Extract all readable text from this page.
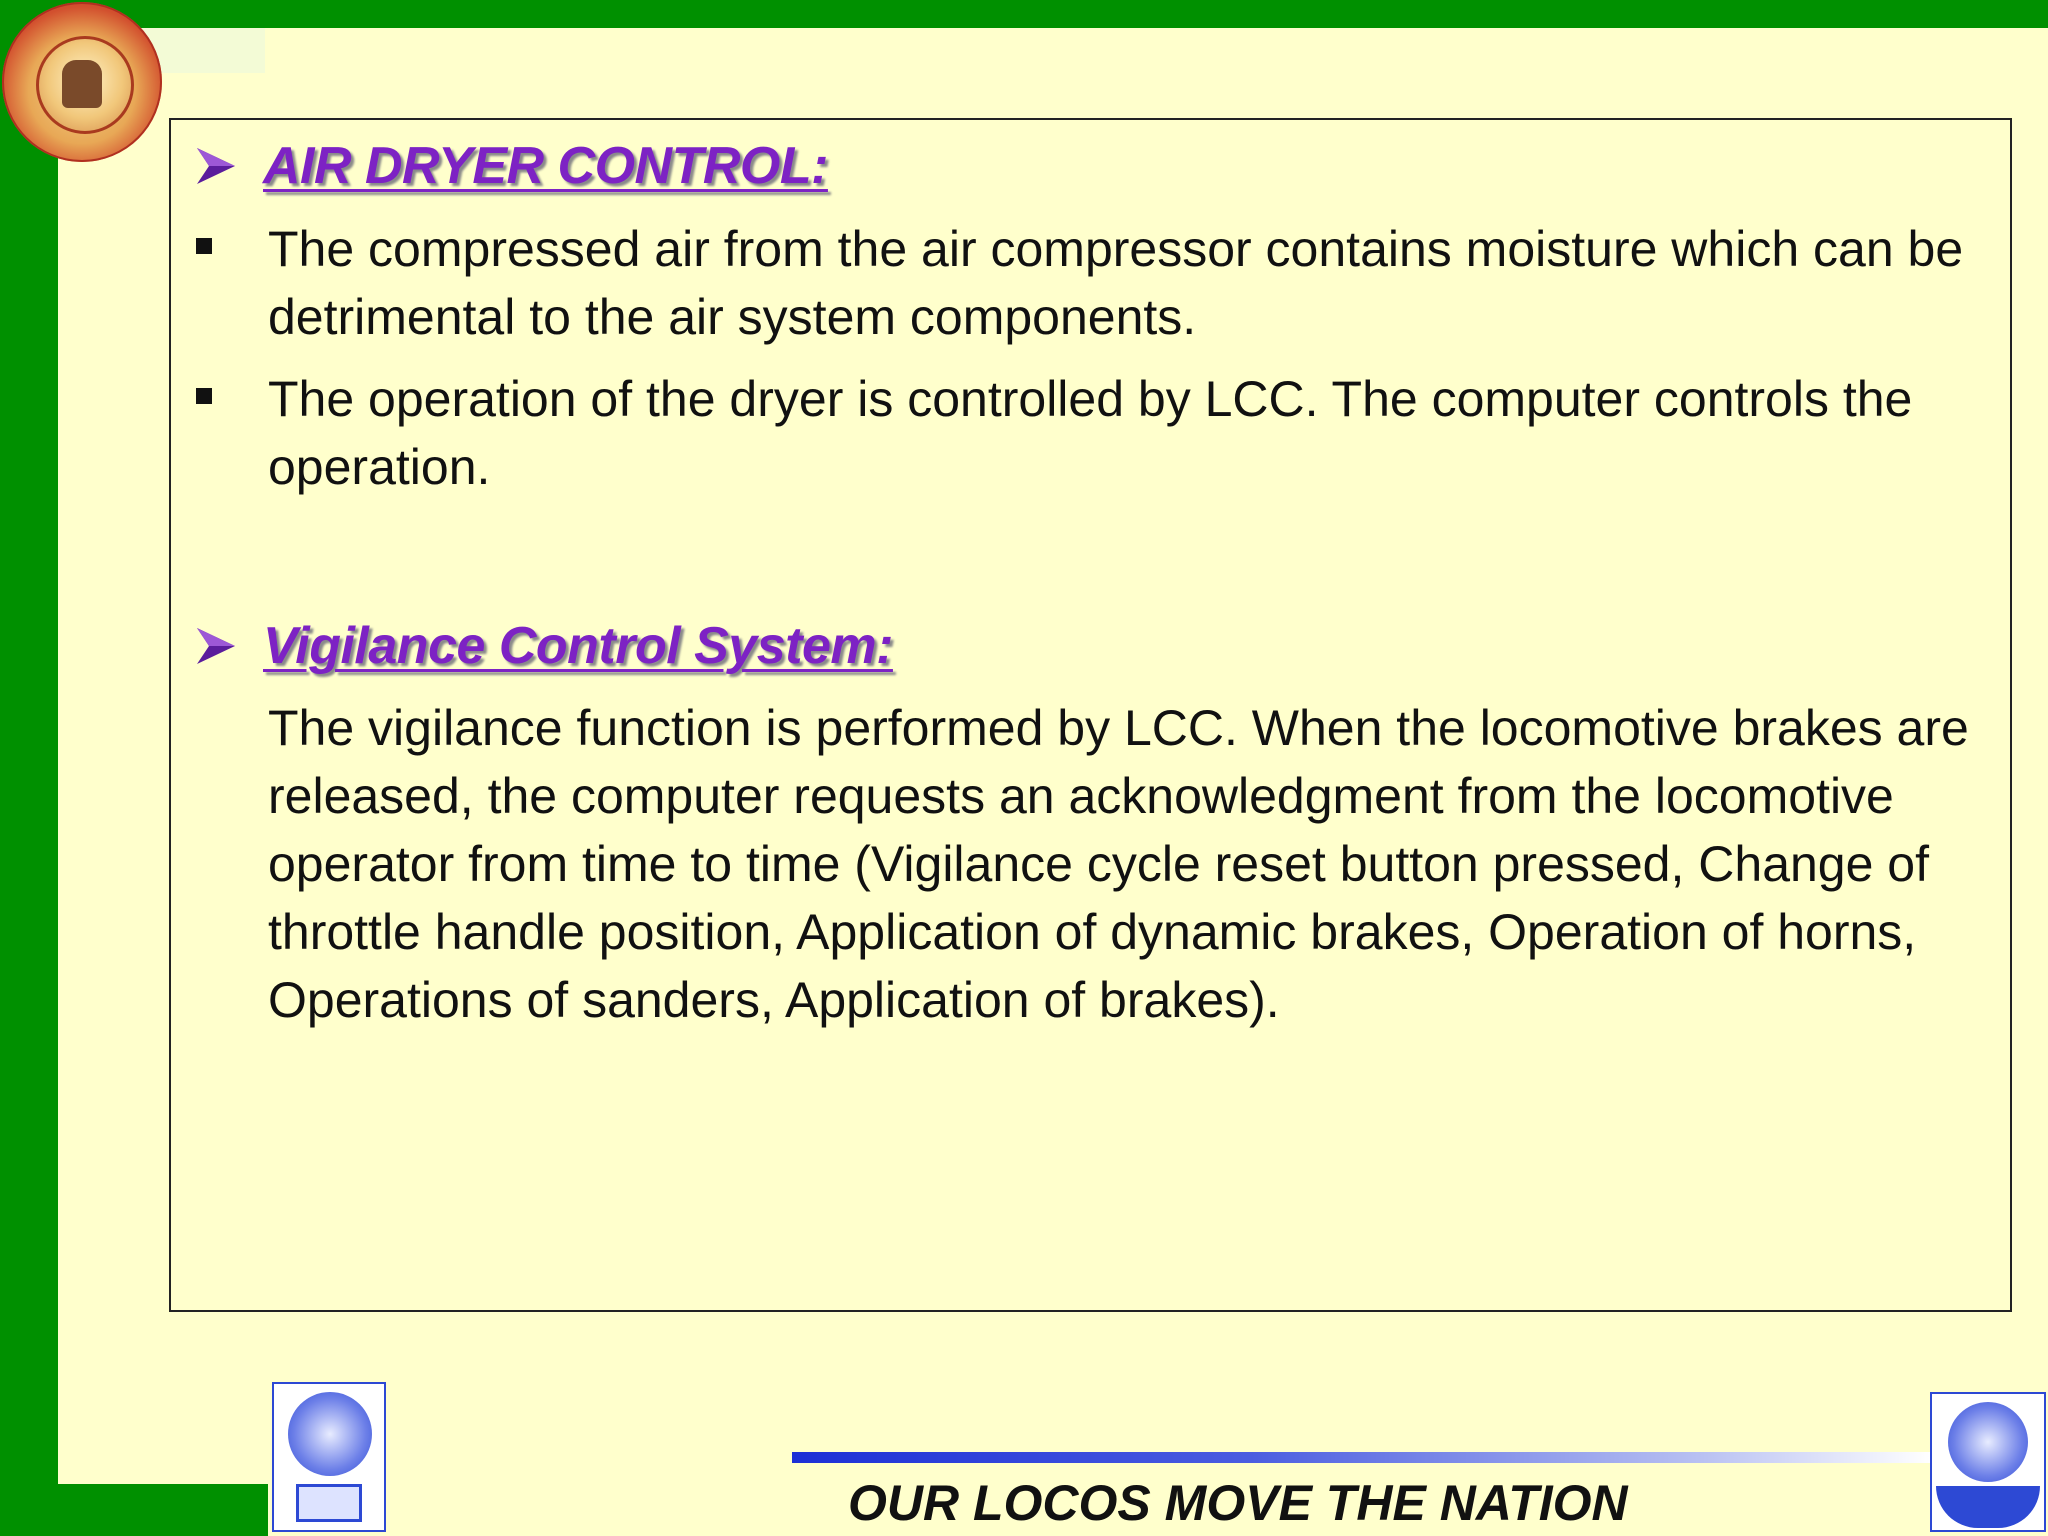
AIR DRYER CONTROL:
The compressed air from the air compressor contains moisture which can be detrimental to the air system components.
The operation of the dryer is controlled by LCC. The computer controls the operation.
Vigilance Control System:
The vigilance function is performed by LCC. When the locomotive brakes are released, the computer requests an acknowledgment from the locomotive operator from time to time (Vigilance cycle reset button pressed, Change of throttle handle position, Application of dynamic brakes, Operation of horns, Operations of sanders, Application of brakes).
OUR LOCOS MOVE THE NATION
